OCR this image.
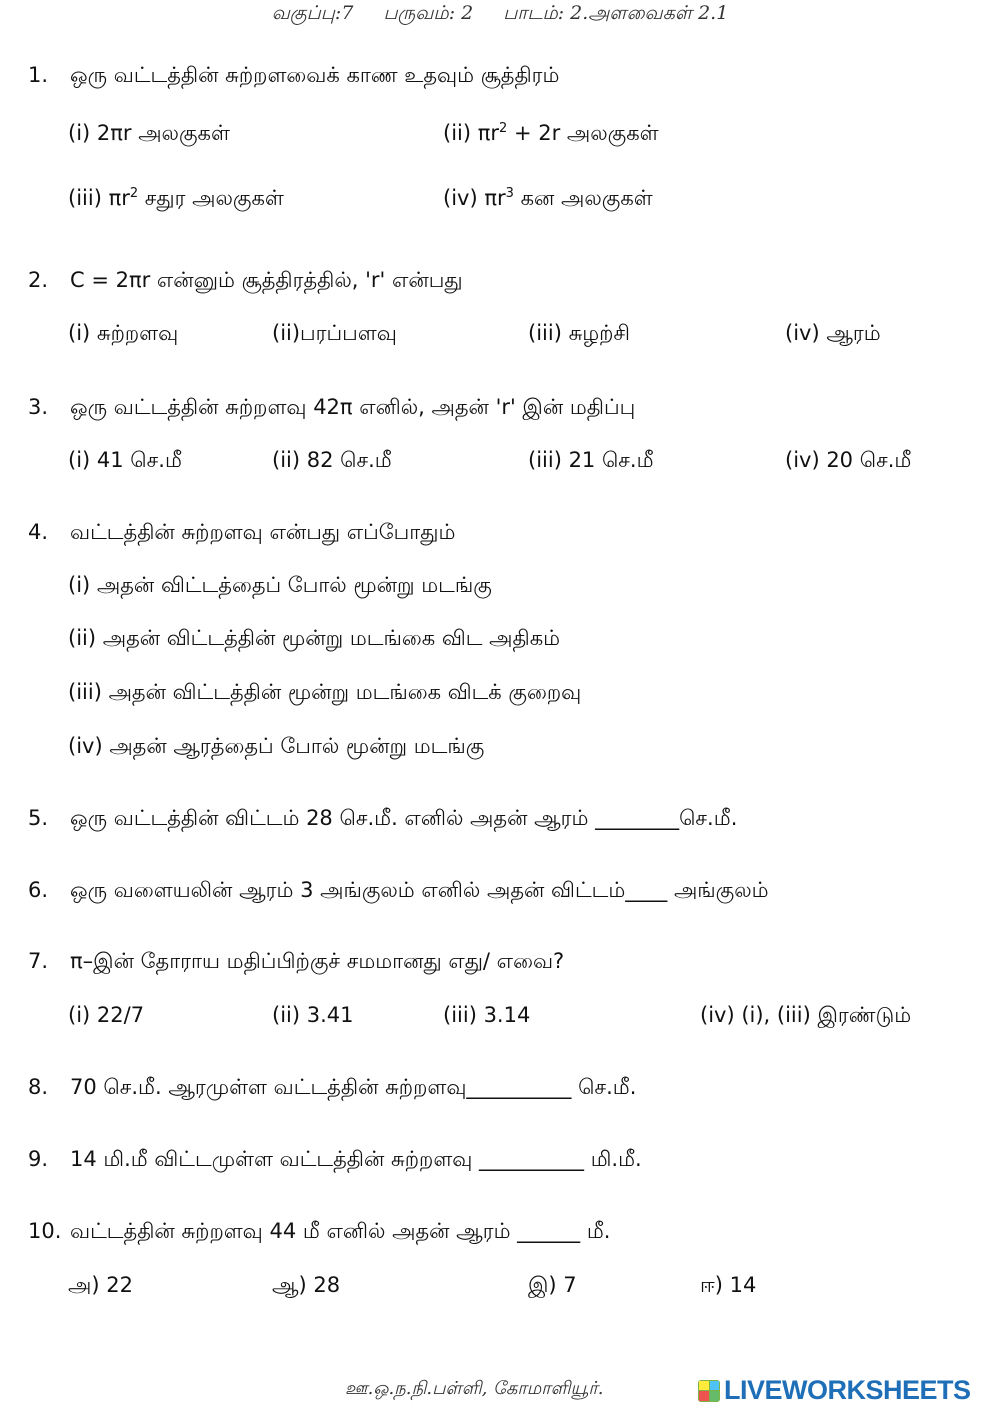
வகுப்பு:7 பருவம்: 2 பாடம்: 2.அளவைகள் 2.1
1. ஒரு வட்டத்தின் சுற்றளவைக் காண உதவும் சூத்திரம்
(i) 2πr அலகுகள்	(ii) $\pi r^2 + 2r$ அலகுகள்
(iii) $\pi r^2$ சதுர அலகுகள்	(iv) $\pi r^3$ கன அலகுகள்
2. C = 2πr என்னும் சூத்திரத்தில், 'r' என்பது
(i) சுற்றளவு	(ii)பரப்பளவு	(iii) சுழற்சி	(iv) ஆரம்
3. ஒரு வட்டத்தின் சுற்றளவு 42π எனில், அதன் 'r' இன் மதிப்பு
(i) 41 செ.மீ	(ii) 82 செ.மீ	(iii) 21 செ.மீ	(iv) 20 செ.மீ
4. வட்டத்தின் சுற்றளவு என்பது எப்போதும்
(i) அதன் விட்டத்தைப் போல் மூன்று மடங்கு
(ii) அதன் விட்டத்தின் மூன்று மடங்கை விட அதிகம்
(iii) அதன் விட்டத்தின் மூன்று மடங்கை விடக் குறைவு
(iv) அதன் ஆரத்தைப் போல் மூன்று மடங்கு
5. ஒரு வட்டத்தின் விட்டம் 28 செ.மீ. எனில் அதன் ஆரம் ________செ.மீ.
6. ஒரு வளையலின் ஆரம் 3 அங்குலம் எனில் அதன் விட்டம்____ அங்குலம்
7. π–இன் தோராய மதிப்பிற்குச் சமமானது எது/ எவை?
(i) 22/7	(ii) 3.41	(iii) 3.14	(iv) (i), (iii) இரண்டும்
8. 70 செ.மீ. ஆரமுள்ள வட்டத்தின் சுற்றளவு__________ செ.மீ.
9. 14 மி.மீ விட்டமுள்ள வட்டத்தின் சுற்றளவு __________ மி.மீ.
10. வட்டத்தின் சுற்றளவு 44 மீ எனில் அதன் ஆரம் ______ மீ.
அ) 22	ஆ) 28	இ) 7	ஈ) 14
ஊ.ஒ.ந.நி.பள்ளி, கோமாளியூர்.	LIVEWORKSHEETS
